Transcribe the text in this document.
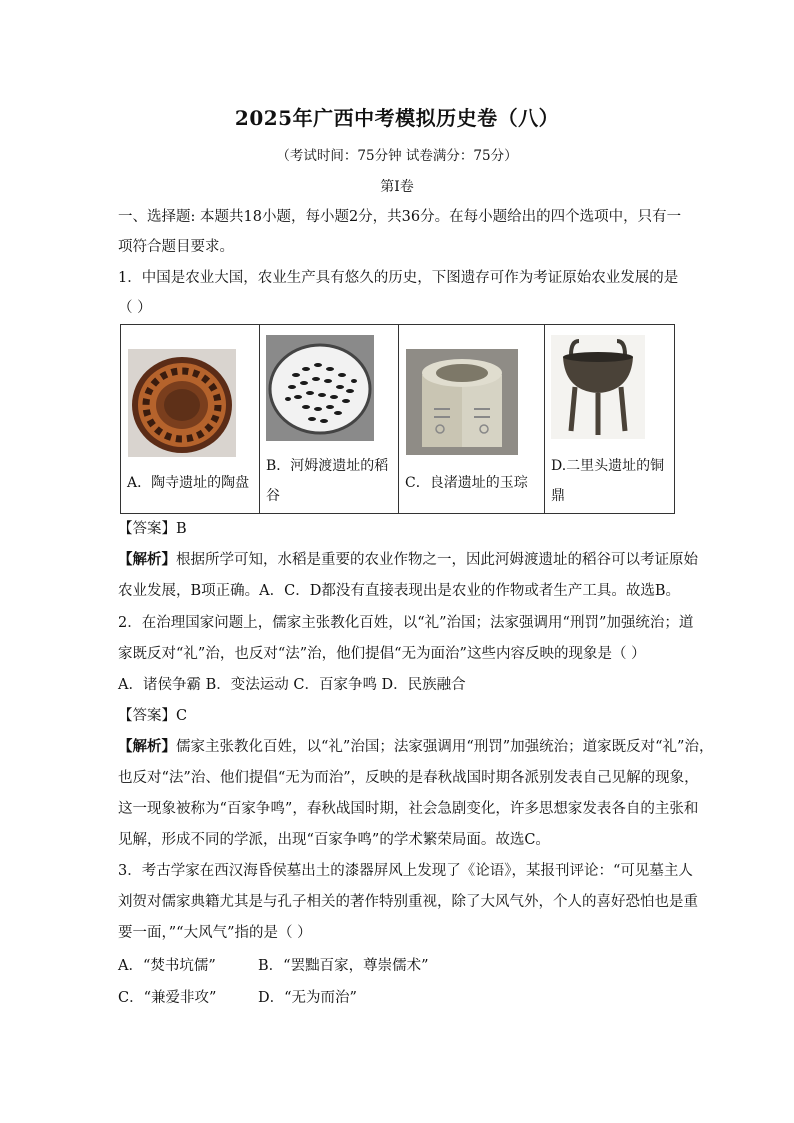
2025年广西中考模拟历史卷（八）
（考试时间：75分钟 试卷满分：75分）
第Ⅰ卷
一、选择题: 本题共18小题，每小题2分，共36分。在每小题给出的四个选项中，只有一
项符合题目要求。
1．中国是农业大国，农业生产具有悠久的历史，下图遗存可作为考证原始农业发展的是
（ ）
A．陶寺遗址的陶盘

B．河姆渡遗址的稻
谷

C．良渚遗址的玉琮

D.二里头遗址的铜
鼎
【答案】B
【解析】根据所学可知，水稻是重要的农业作物之一，因此河姆渡遗址的稻谷可以考证原始
农业发展，B项正确。A．C．D都没有直接表现出是农业的作物或者生产工具。故选B。
2．在治理国家问题上，儒家主张教化百姓，以“礼”治国；法家强调用“刑罚”加强统治；道
家既反对“礼”治，也反对“法”治，他们提倡“无为面治”这些内容反映的现象是（ ）
A．诸侯争霸 B．变法运动 C．百家争鸣 D．民族融合
【答案】C
【解析】儒家主张教化百姓，以“礼”治国；法家强调用“刑罚”加强统治；道家既反对“礼”治，
也反对“法”治、他们提倡“无为而治”，反映的是春秋战国时期各派别发表自己见解的现象，
这一现象被称为“百家争鸣”，春秋战国时期，社会急剧变化，许多思想家发表各自的主张和
见解，形成不同的学派，出现“百家争鸣”的学术繁荣局面。故选C。
3．考古学家在西汉海昏侯墓出土的漆器屏风上发现了《论语》，某报刊评论：“可见墓主人
刘贺对儒家典籍尤其是与孔子相关的著作特别重视，除了大风气外，个人的喜好恐怕也是重
要一面，”“大风气”指的是（ ）
A．“焚书坑儒”	B．“罢黜百家，尊崇儒术”
C．“兼爱非攻”	D．“无为而治”
